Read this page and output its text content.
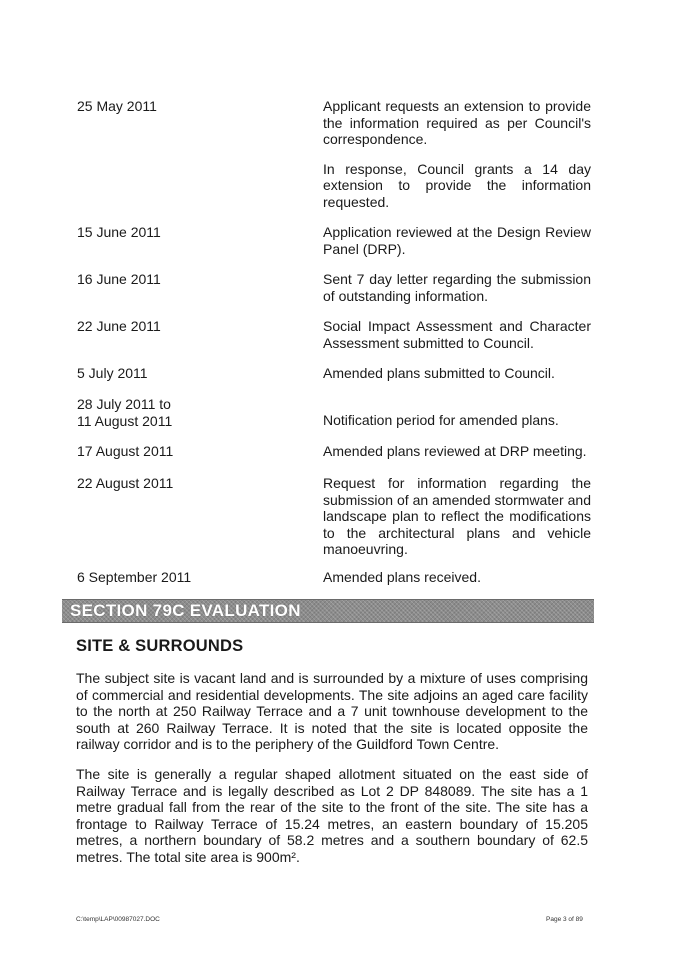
25 May 2011	Applicant requests an extension to provide the information required as per Council's correspondence.

In response, Council grants a 14 day extension to provide the information requested.

15 June 2011	Application reviewed at the Design Review Panel (DRP).

16 June 2011	Sent 7 day letter regarding the submission of outstanding information.

22 June 2011	Social Impact Assessment and Character Assessment submitted to Council.

5 July 2011	Amended plans submitted to Council.

28 July 2011 to 11 August 2011	Notification period for amended plans.

17 August 2011	Amended plans reviewed at DRP meeting.

22 August 2011	Request for information regarding the submission of an amended stormwater and landscape plan to reflect the modifications to the architectural plans and vehicle manoeuvring.

6 September 2011	Amended plans received.

SECTION 79C EVALUATION
SITE & SURROUNDS

The subject site is vacant land and is surrounded by a mixture of uses comprising of commercial and residential developments. The site adjoins an aged care facility to the north at 250 Railway Terrace and a 7 unit townhouse development to the south at 260 Railway Terrace. It is noted that the site is located opposite the railway corridor and is to the periphery of the Guildford Town Centre.

The site is generally a regular shaped allotment situated on the east side of Railway Terrace and is legally described as Lot 2 DP 848089. The site has a 1 metre gradual fall from the rear of the site to the front of the site. The site has a frontage to Railway Terrace of 15.24 metres, an eastern boundary of 15.205 metres, a northern boundary of 58.2 metres and a southern boundary of 62.5 metres. The total site area is 900m².

C:\temp\LAP\00987027.DOC	Page 3 of 89
